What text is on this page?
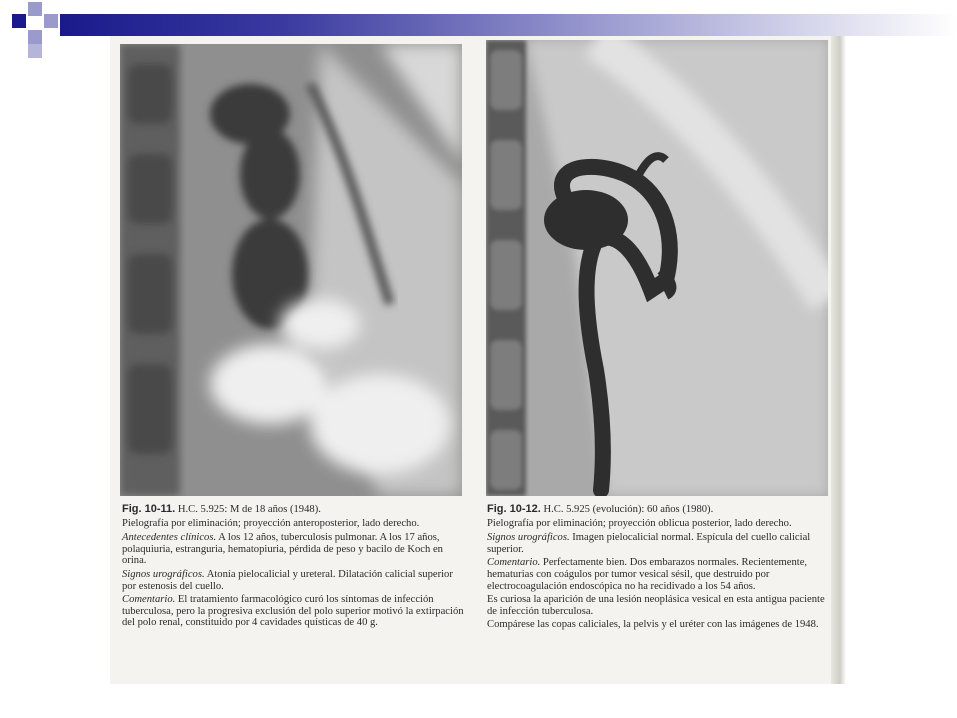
Fig. 10-11. H.C. 5.925: M de 18 años (1948).

Pielografía por eliminación; proyección anteroposterior, lado derecho.

Antecedentes clínicos. A los 12 años, tuberculosis pulmonar. A los 17 años, polaquiuria, estranguria, hematopiuria, pérdida de peso y bacilo de Koch en orina.

Signos urográficos. Atonía pielocalicial y ureteral. Dilatación calicial superior por estenosis del cuello.

Comentario. El tratamiento farmacológico curó los síntomas de infección tuberculosa, pero la progresiva exclusión del polo superior motivó la extirpación del polo renal, constituido por 4 cavidades quísticas de 40 g.

Fig. 10-12. H.C. 5.925 (evolución): 60 años (1980).

Pielografía por eliminación; proyección oblicua posterior, lado derecho.

Signos urográficos. Imagen pielocalicial normal. Espícula del cuello calicial superior.

Comentario. Perfectamente bien. Dos embarazos normales. Recientemente, hematurias con coágulos por tumor vesical sésil, que destruido por electrocoagulación endoscópica no ha recidivado a los 54 años.

Es curiosa la aparición de una lesión neoplásica vesical en esta antigua paciente de infección tuberculosa.

Compárese las copas caliciales, la pelvis y el uréter con las imágenes de 1948.
